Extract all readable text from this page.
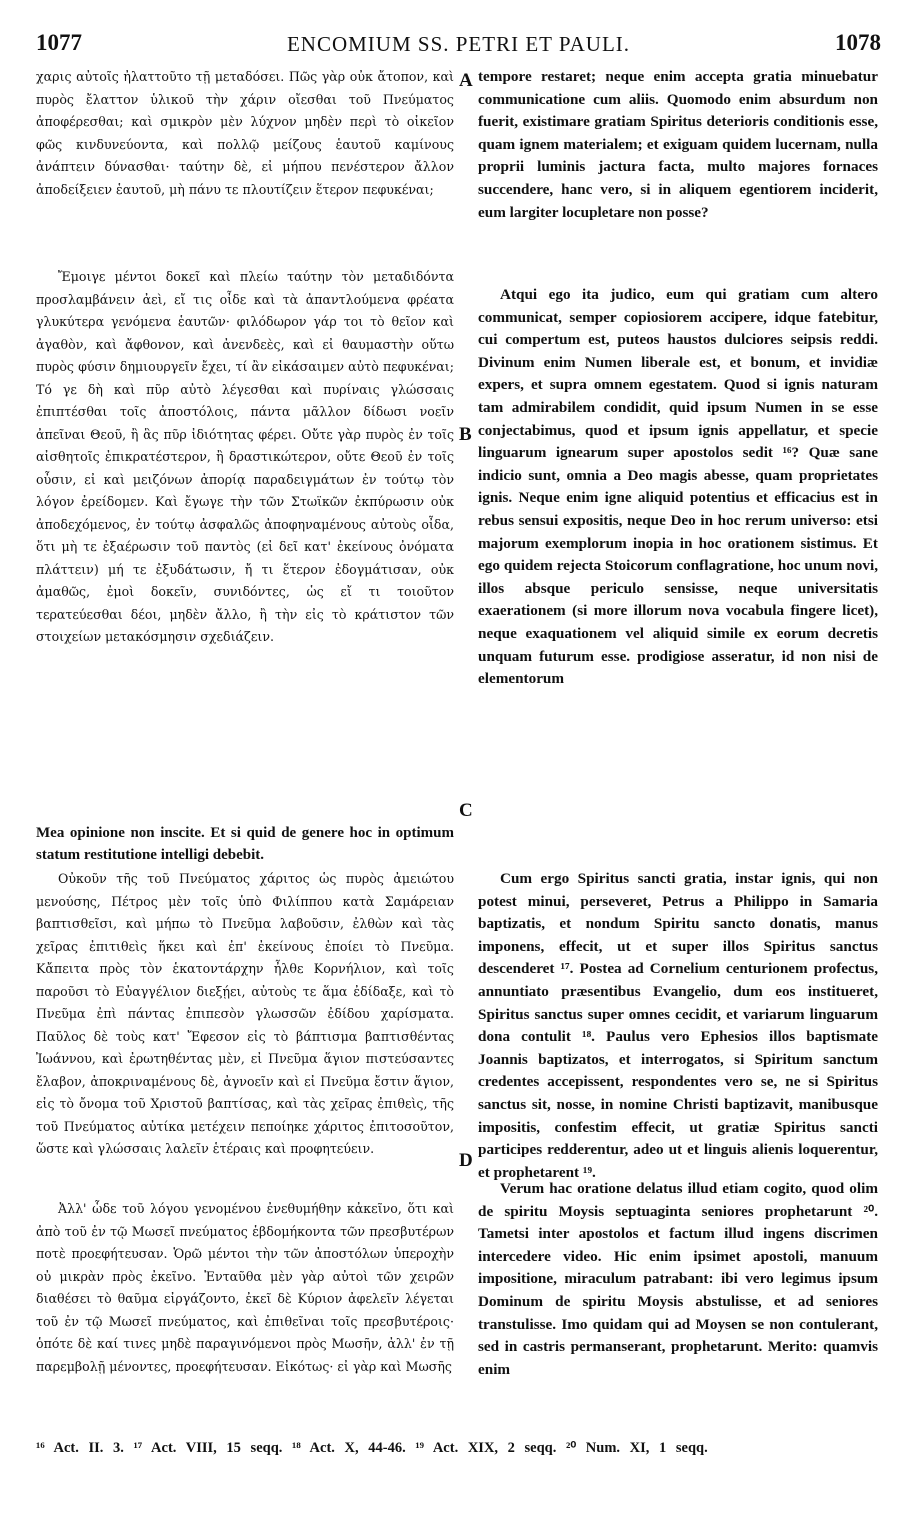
1077	ENCOMIUM SS. PETRI ET PAULI.	1078

χαρις αὐτοῖς ἠλαττοῦτο τῇ μεταδόσει. Πῶς γὰρ οὐκ ἄτοπον, καὶ πυρὸς ἔλαττον ὑλικοῦ τὴν χάριν οἴεσθαι τοῦ Πνεύματος ἀποφέρεσθαι; καὶ σμικρὸν μὲν λύχνον μηδὲν περὶ τὸ οἰκεῖον φῶς κινδυνεύοντα, καὶ πολλῷ μείζους ἑαυτοῦ καμίνους ἀνάπτειν δύνασθαι· ταύτην δὲ, εἰ μήπου πενέστερον ἄλλον ἀποδείξειεν ἑαυτοῦ, μὴ πάνυ τε πλουτίζειν ἕτερον πεφυκέναι;

Ἔμοιγε μέντοι δοκεῖ καὶ πλείω ταύτην τὸν μεταδιδόντα προσλαμβάνειν ἀεὶ, εἴ τις οἶδε καὶ τὰ ἀπαντλούμενα φρέατα γλυκύτερα γενόμενα ἑαυτῶν· φιλόδωρον γάρ τοι τὸ θεῖον καὶ ἀγαθὸν, καὶ ἄφθονον, καὶ ἀνενδεὲς, καὶ εἰ θαυμαστὴν οὕτω πυρὸς φύσιν δημιουργεῖν ἔχει, τί ἂν εἰκάσαιμεν αὐτὸ πεφυκέναι; Τό γε δὴ καὶ πῦρ αὐτὸ λέγεσθαι καὶ πυρίναις γλώσσαις ἐπιπτέσθαι τοῖς ἀποστόλοις, πάντα μᾶλλον δίδωσι νοεῖν ἀπεῖναι Θεοῦ, ἢ ἃς πῦρ ἰδιότητας φέρει. Οὔτε γὰρ πυρὸς ἐν τοῖς αἰσθητοῖς ἐπικρατέστερον, ἢ δραστικώτερον, οὔτε Θεοῦ ἐν τοῖς οὖσιν, εἰ καὶ μειζόνων ἀπορίᾳ παραδειγμάτων ἐν τούτῳ τὸν λόγον ἐρείδομεν. Καὶ ἔγωγε τὴν τῶν Στωϊκῶν ἐκπύρωσιν οὐκ ἀποδεχόμενος, ἐν τούτῳ ἀσφαλῶς ἀποφηναμένους αὐτοὺς οἶδα, ὅτι μὴ τε ἐξαέρωσιν τοῦ παντὸς (εἰ δεῖ κατ' ἐκείνους ὀνόματα πλάττειν) μή τε ἐξυδάτωσιν, ἤ τι ἕτερον ἐδογμάτισαν, οὐκ ἀμαθῶς, ἐμοὶ δοκεῖν, συνιδόντες, ὡς εἴ τι τοιοῦτον τερατεύεσθαι δέοι, μηδὲν ἄλλο, ἢ τὴν εἰς τὸ κράτιστον τῶν στοιχείων μετακόσμησιν σχεδιάζειν.

Mea opinione non inscite. Et si quid de genere hoc in optimum statum restitutione intelligi debebit.

Οὐκοῦν τῆς τοῦ Πνεύματος χάριτος ὡς πυρὸς ἀμειώτου μενούσης, Πέτρος μὲν τοῖς ὑπὸ Φιλίππου κατὰ Σαμάρειαν βαπτισθεῖσι, καὶ μήπω τὸ Πνεῦμα λαβοῦσιν, ἐλθὼν καὶ τὰς χεῖρας ἐπιτιθεὶς ἥκει καὶ ἐπ' ἐκείνους ἐποίει τὸ Πνεῦμα. Κἄπειτα πρὸς τὸν ἑκατοντάρχην ἦλθε Κορνήλιον, καὶ τοῖς παροῦσι τὸ Εὐαγγέλιον διεξῄει, αὐτοὺς τε ἅμα ἐδίδαξε, καὶ τὸ Πνεῦμα ἐπὶ πάντας ἐπιπεσὸν γλωσσῶν ἐδίδου χαρίσματα. Παῦλος δὲ τοὺς κατ' Ἔφεσον εἰς τὸ βάπτισμα βαπτισθέντας Ἰωάννου, καὶ ἐρωτηθέντας μὲν, εἰ Πνεῦμα ἅγιον πιστεύσαντες ἔλαβον, ἀποκριναμένους δὲ, ἀγνοεῖν καὶ εἰ Πνεῦμα ἔστιν ἅγιον, εἰς τὸ ὄνομα τοῦ Χριστοῦ βαπτίσας, καὶ τὰς χεῖρας ἐπιθεὶς, τῆς τοῦ Πνεύματος αὐτίκα μετέχειν πεποίηκε χάριτος ἐπιτοσοῦτον, ὥστε καὶ γλώσσαις λαλεῖν ἑτέραις καὶ προφητεύειν.

Ἀλλ' ὧδε τοῦ λόγου γενομένου ἐνεθυμήθην κἀκεῖνο, ὅτι καὶ ἀπὸ τοῦ ἐν τῷ Μωσεῖ πνεύματος ἑβδομήκοντα τῶν πρεσβυτέρων ποτὲ προεφήτευσαν. Ὁρῶ μέντοι τὴν τῶν ἀποστόλων ὑπεροχὴν οὐ μικρὰν πρὸς ἐκεῖνο. Ἐνταῦθα μὲν γὰρ αὐτοὶ τῶν χειρῶν διαθέσει τὸ θαῦμα εἰργάζοντο, ἐκεῖ δὲ Κύριον ἀφελεῖν λέγεται τοῦ ἐν τῷ Μωσεῖ πνεύματος, καὶ ἐπιθεῖναι τοῖς πρεσβυτέροις· ὁπότε δὲ καί τινες μηδὲ παραγινόμενοι πρὸς Μωσῆν, ἀλλ' ἐν τῇ παρεμβολῇ μένοντες, προεφήτευσαν. Εἰκότως· εἰ γὰρ καὶ Μωσῆς

A
B
C
D

tempore restaret; neque enim accepta gratia minuebatur communicatione cum aliis. Quomodo enim absurdum non fuerit, existimare gratiam Spiritus deterioris conditionis esse, quam ignem materialem; et exiguam quidem lucernam, nulla proprii luminis jactura facta, multo majores fornaces succendere, hanc vero, si in aliquem egentiorem inciderit, eum largiter locupletare non posse?

Atqui ego ita judico, eum qui gratiam cum altero communicat, semper copiosiorem accipere, idque fatebitur, cui compertum est, puteos haustos dulciores seipsis reddi. Divinum enim Numen liberale est, et bonum, et invidiæ expers, et supra omnem egestatem. Quod si ignis naturam tam admirabilem condidit, quid ipsum Numen in se esse conjectabimus, quod et ipsum ignis appellatur, et specie linguarum ignearum super apostolos sedit ¹⁶? Quæ sane indicio sunt, omnia a Deo magis abesse, quam proprietates ignis. Neque enim igne aliquid potentius et efficacius est in rebus sensui expositis, neque Deo in hoc rerum universo: etsi majorum exemplorum inopia in hoc orationem sistimus. Et ego quidem rejecta Stoicorum conflagratione, hoc unum novi, illos absque periculo sensisse, neque universitatis exaerationem (si more illorum nova vocabula fingere licet), neque exaquationem vel aliquid simile ex eorum decretis unquam futurum esse. prodigiose asseratur, id non nisi de elementorum

Cum ergo Spiritus sancti gratia, instar ignis, qui non potest minui, perseveret, Petrus a Philippo in Samaria baptizatis, et nondum Spiritu sancto donatis, manus imponens, effecit, ut et super illos Spiritus sanctus descenderet ¹⁷. Postea ad Cornelium centurionem profectus, annuntiato præsentibus Evangelio, dum eos institueret, Spiritus sanctus super omnes cecidit, et variarum linguarum dona contulit ¹⁸. Paulus vero Ephesios illos baptismate Joannis baptizatos, et interrogatos, si Spiritum sanctum credentes accepissent, respondentes vero se, ne si Spiritus sanctus sit, nosse, in nomine Christi baptizavit, manibusque impositis, confestim effecit, ut gratiæ Spiritus sancti participes redderentur, adeo ut et linguis alienis loquerentur, et prophetarent ¹⁹.

Verum hac oratione delatus illud etiam cogito, quod olim de spiritu Moysis septuaginta seniores prophetarunt ²⁰. Tametsi inter apostolos et factum illud ingens discrimen intercedere video. Hic enim ipsimet apostoli, manuum impositione, miraculum patrabant: ibi vero legimus ipsum Dominum de spiritu Moysis abstulisse, et ad seniores transtulisse. Imo quidam qui ad Moysen se non contulerant, sed in castris permanserant, prophetarunt. Merito: quamvis enim

¹⁶ Act. II. 3. ¹⁷ Act. VIII, 15 seqq. ¹⁸ Act. X, 44-46. ¹⁹ Act. XIX, 2 seqq. ²⁰ Num. XI, 1 seqq.
